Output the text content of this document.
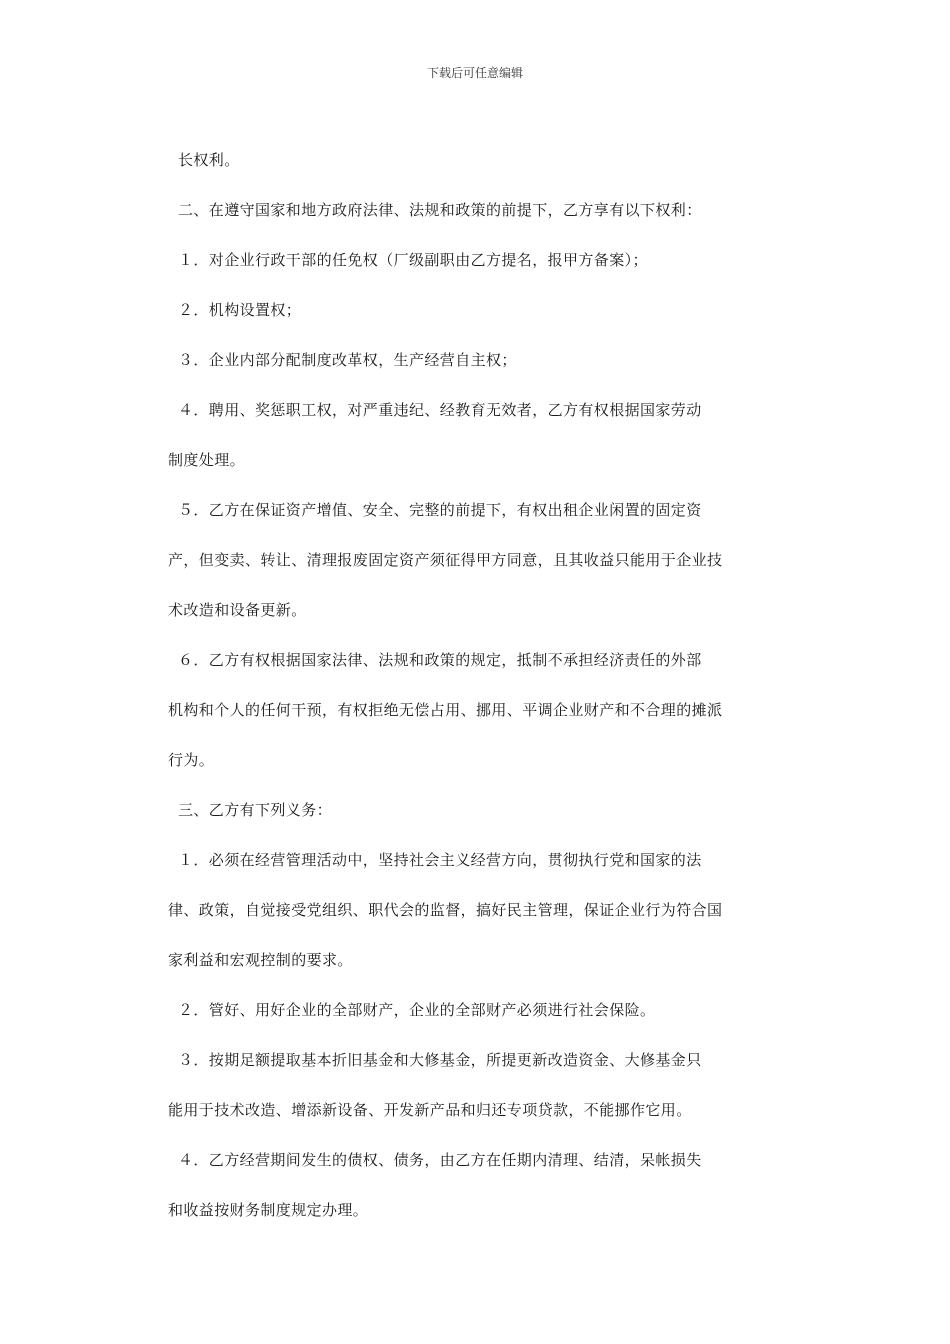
下载后可任意编辑
长权利。
二、在遵守国家和地方政府法律、法规和政策的前提下，乙方享有以下权利：
１．对企业行政干部的任免权（厂级副职由乙方提名，报甲方备案）；
２．机构设置权；
３．企业内部分配制度改革权，生产经营自主权；
４．聘用、奖惩职工权，对严重违纪、经教育无效者，乙方有权根据国家劳动
制度处理。
５．乙方在保证资产增值、安全、完整的前提下，有权出租企业闲置的固定资
产，但变卖、转让、清理报废固定资产须征得甲方同意，且其收益只能用于企业技
术改造和设备更新。
６．乙方有权根据国家法律、法规和政策的规定，抵制不承担经济责任的外部
机构和个人的任何干预，有权拒绝无偿占用、挪用、平调企业财产和不合理的摊派
行为。
三、乙方有下列义务：
１．必须在经营管理活动中，坚持社会主义经营方向，贯彻执行党和国家的法
律、政策，自觉接受党组织、职代会的监督，搞好民主管理，保证企业行为符合国
家利益和宏观控制的要求。
２．管好、用好企业的全部财产，企业的全部财产必须进行社会保险。
３．按期足额提取基本折旧基金和大修基金，所提更新改造资金、大修基金只
能用于技术改造、增添新设备、开发新产品和归还专项贷款，不能挪作它用。
４．乙方经营期间发生的债权、债务，由乙方在任期内清理、结清，呆帐损失
和收益按财务制度规定办理。
